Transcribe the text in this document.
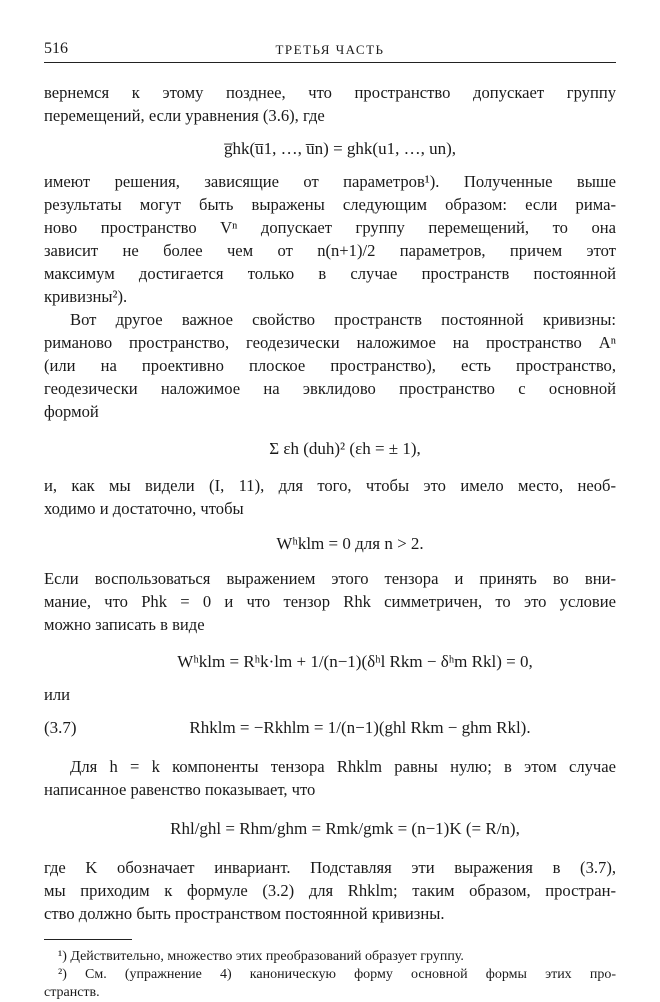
516	ТРЕТЬЯ ЧАСТЬ
вернемся к этому позднее, что пространство допускает группу
перемещений, если уравнения (3.6), где
g̅hk(u̅1, …, u̅n) = ghk(u1, …, un),
имеют решения, зависящие от параметров¹). Полученные выше
результаты могут быть выражены следующим образом: если рима-
ново пространство Vⁿ допускает группу перемещений, то она
зависит не более чем от n(n+1)/2 параметров, причем этот
максимум достигается только в случае пространств постоянной
кривизны²).
Вот другое важное свойство пространств постоянной кривизны:
риманово пространство, геодезически наложимое на пространство Aⁿ
(или на проективно плоское пространство), есть пространство,
геодезически наложимое на эвклидово пространство с основной
формой
Σ εh (duh)² (εh = ± 1),
и, как мы видели (I, 11), для того, чтобы это имело место, необ-
ходимо и достаточно, чтобы
Wʰklm = 0 для n > 2.
Если воспользоваться выражением этого тензора и принять во вни-
мание, что Phk = 0 и что тензор Rhk симметричен, то это условие
можно записать в виде
Wʰklm = Rʰk·lm + 1/(n−1)(δʰl Rkm − δʰm Rkl) = 0,
или
(3.7)	Rhklm = −Rkhlm = 1/(n−1)(ghl Rkm − ghm Rkl).
Для h = k компоненты тензора Rhklm равны нулю; в этом случае
написанное равенство показывает, что
Rhl/ghl = Rhm/ghm = Rmk/gmk = (n−1)K (= R/n),
где K обозначает инвариант. Подставляя эти выражения в (3.7),
мы приходим к формуле (3.2) для Rhklm; таким образом, простран-
ство должно быть пространством постоянной кривизны.
¹) Действительно, множество этих преобразований образует группу.
²) См. (упражнение 4) каноническую форму основной формы этих про-
странств.
